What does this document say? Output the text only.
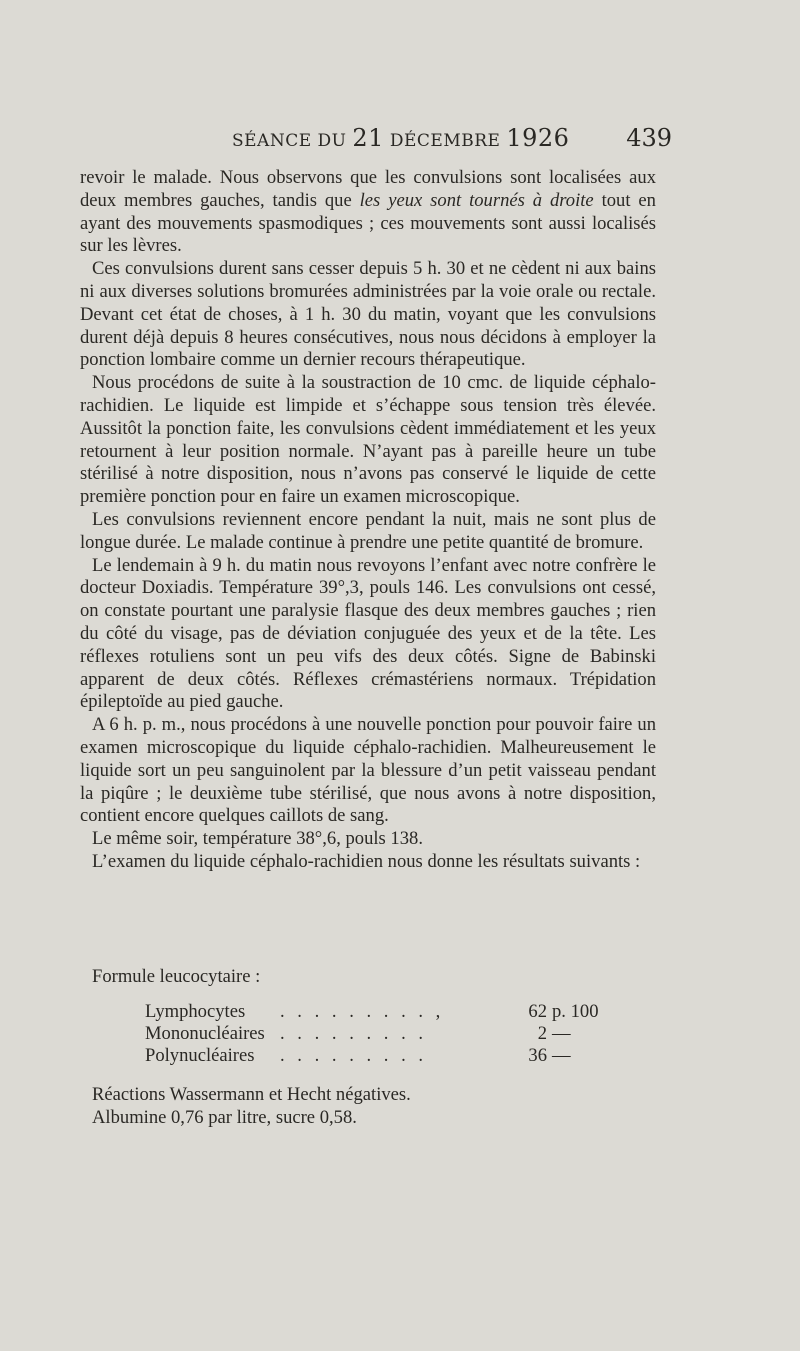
SÉANCE DU 21 DÉCEMBRE 1926 439

revoir le malade. Nous observons que les convulsions sont localisées aux deux membres gauches, tandis que les yeux sont tournés à droite tout en ayant des mouvements spasmodiques ; ces mouvements sont aussi localisés sur les lèvres.

Ces convulsions durent sans cesser depuis 5 h. 30 et ne cèdent ni aux bains ni aux diverses solutions bromurées administrées par la voie orale ou rectale. Devant cet état de choses, à 1 h. 30 du matin, voyant que les convulsions durent déjà depuis 8 heures consécutives, nous nous décidons à employer la ponction lombaire comme un dernier recours thérapeutique.

Nous procédons de suite à la soustraction de 10 cmc. de liquide céphalo-rachidien. Le liquide est limpide et s’échappe sous tension très élevée. Aussitôt la ponction faite, les convulsions cèdent immédiatement et les yeux retournent à leur position normale. N’ayant pas à pareille heure un tube stérilisé à notre disposition, nous n’avons pas conservé le liquide de cette première ponction pour en faire un examen microscopique.

Les convulsions reviennent encore pendant la nuit, mais ne sont plus de longue durée. Le malade continue à prendre une petite quantité de bromure.

Le lendemain à 9 h. du matin nous revoyons l’enfant avec notre confrère le docteur Doxiadis. Température 39°,3, pouls 146. Les convulsions ont cessé, on constate pourtant une paralysie flasque des deux membres gauches ; rien du côté du visage, pas de déviation conjuguée des yeux et de la tête. Les réflexes rotuliens sont un peu vifs des deux côtés. Signe de Babinski apparent de deux côtés. Réflexes crémastériens normaux. Trépidation épileptoïde au pied gauche.

A 6 h. p. m., nous procédons à une nouvelle ponction pour pouvoir faire un examen microscopique du liquide céphalo-rachidien. Malheureusement le liquide sort un peu sanguinolent par la blessure d’un petit vaisseau pendant la piqûre ; le deuxième tube stérilisé, que nous avons à notre disposition, contient encore quelques caillots de sang.

Le même soir, température 38°,6, pouls 138.

L’examen du liquide céphalo-rachidien nous donne les résultats suivants :

Formule leucocytaire :
Lymphocytes . . . . . . . . . ,	62 p. 100
Mononucléaires . . . . . . . . .	2 —
Polynucléaires . . . . . . . . .	36 —

Réactions Wassermann et Hecht négatives.

Albumine 0,76 par litre, sucre 0,58.
